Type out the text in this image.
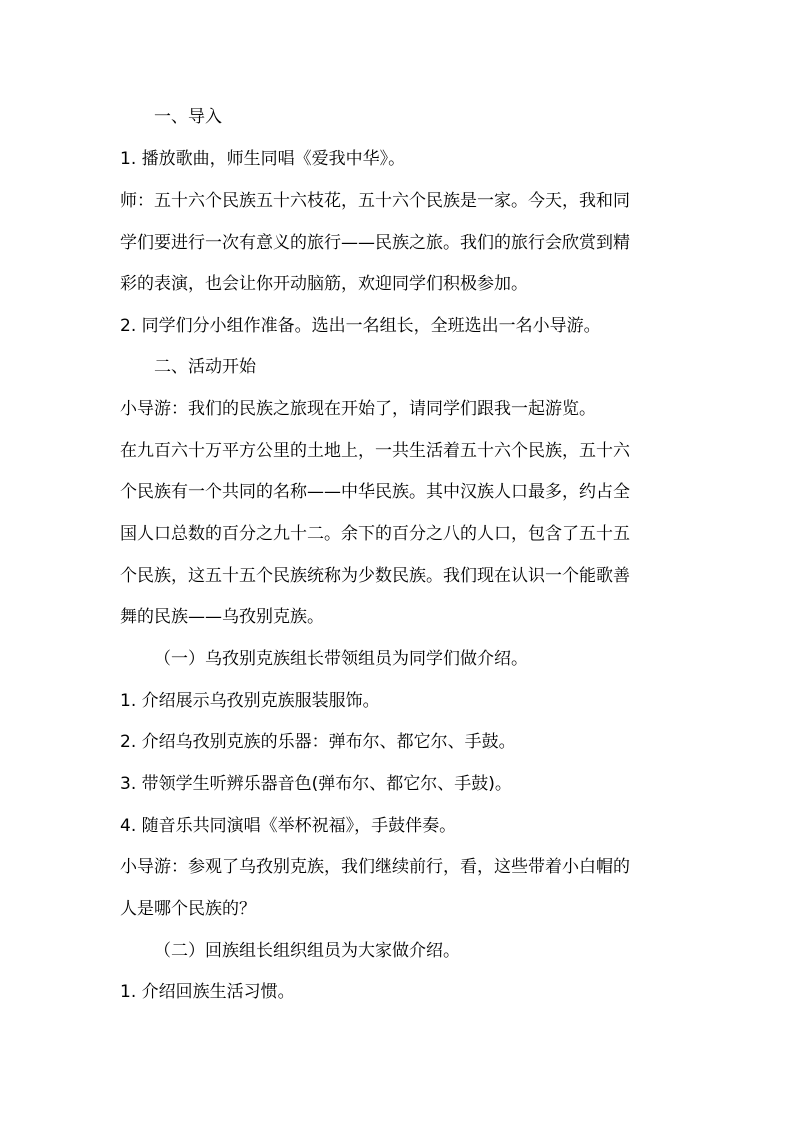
一、导入

1. 播放歌曲，师生同唱《爱我中华》。

师：五十六个民族五十六枝花，五十六个民族是一家。今天，我和同

学们要进行一次有意义的旅行——民族之旅。我们的旅行会欣赏到精

彩的表演，也会让你开动脑筋，欢迎同学们积极参加。

2. 同学们分小组作准备。选出一名组长，全班选出一名小导游。

二、活动开始

小导游：我们的民族之旅现在开始了，请同学们跟我一起游览。

在九百六十万平方公里的土地上，一共生活着五十六个民族，五十六

个民族有一个共同的名称——中华民族。其中汉族人口最多，约占全

国人口总数的百分之九十二。余下的百分之八的人口，包含了五十五

个民族，这五十五个民族统称为少数民族。我们现在认识一个能歌善

舞的民族——乌孜别克族。

（一）乌孜别克族组长带领组员为同学们做介绍。

1. 介绍展示乌孜别克族服装服饰。

2. 介绍乌孜别克族的乐器：弹布尔、都它尔、手鼓。

3. 带领学生听辨乐器音色(弹布尔、都它尔、手鼓)。

4. 随音乐共同演唱《举杯祝福》，手鼓伴奏。

小导游：参观了乌孜别克族，我们继续前行，看，这些带着小白帽的

人是哪个民族的？

（二）回族组长组织组员为大家做介绍。

1. 介绍回族生活习惯。
